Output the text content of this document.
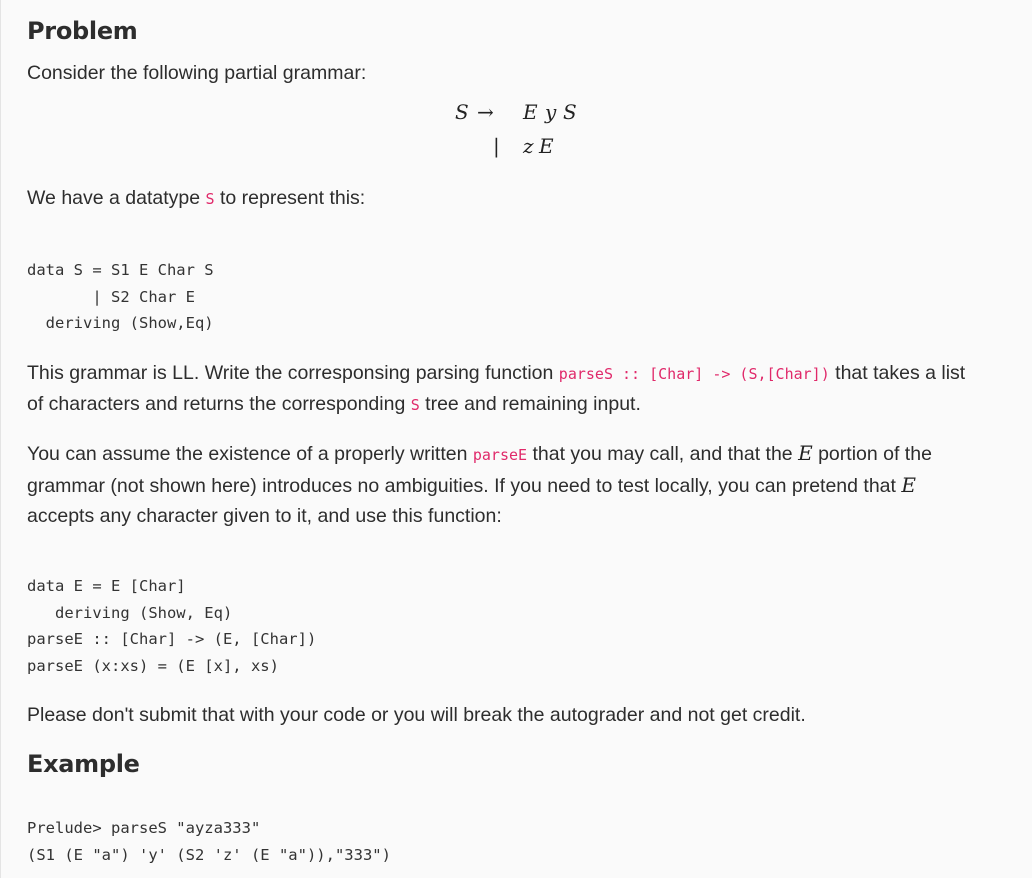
Problem

Consider the following partial grammar:

S → E y S
| z E

We have a datatype S to represent this:

data S = S1 E Char S
| S2 Char E
deriving (Show,Eq)

This grammar is LL. Write the corresponsing parsing function parseS :: [Char] -> (S,[Char]) that takes a list
of characters and returns the corresponding S tree and remaining input.

You can assume the existence of a properly written parseE that you may call, and that the E portion of the
grammar (not shown here) introduces no ambiguities. If you need to test locally, you can pretend that E
accepts any character given to it, and use this function:

data E = E [Char]
deriving (Show, Eq)
parseE :: [Char] -> (E, [Char])
parseE (x:xs) = (E [x], xs)

Please don't submit that with your code or you will break the autograder and not get credit.

Example
Prelude> parseS "ayza333"
(S1 (E "a") 'y' (S2 'z' (E "a")),"333")
